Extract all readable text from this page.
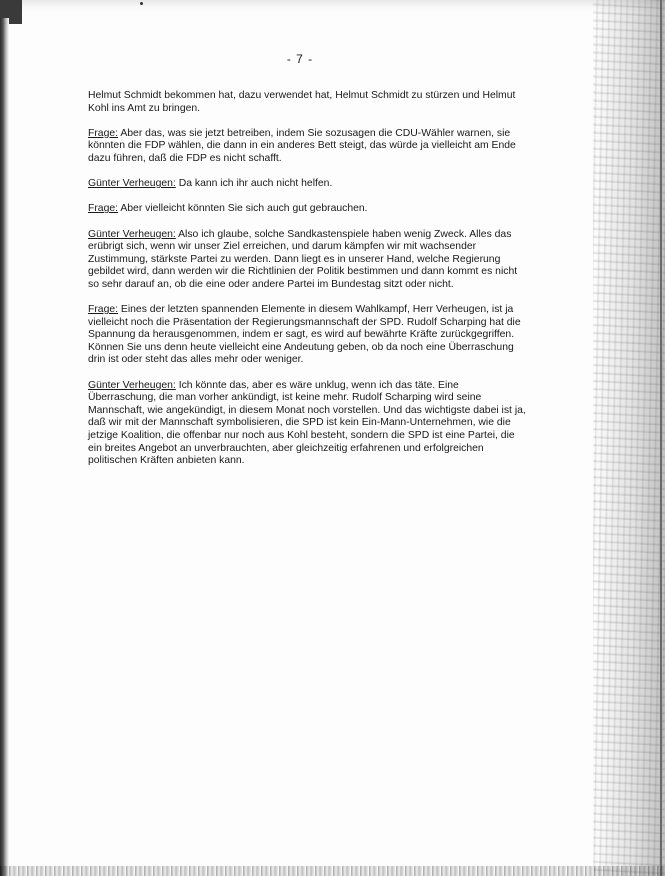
- 7 -

Helmut Schmidt bekommen hat, dazu verwendet hat, Helmut Schmidt zu stürzen und Helmut Kohl ins Amt zu bringen.

Frage: Aber das, was sie jetzt betreiben, indem Sie sozusagen die CDU-Wähler warnen, sie könnten die FDP wählen, die dann in ein anderes Bett steigt, das würde ja vielleicht am Ende dazu führen, daß die FDP es nicht schafft.

Günter Verheugen: Da kann ich ihr auch nicht helfen.

Frage: Aber vielleicht könnten Sie sich auch gut gebrauchen.

Günter Verheugen: Also ich glaube, solche Sandkastenspiele haben wenig Zweck. Alles das erübrigt sich, wenn wir unser Ziel erreichen, und darum kämpfen wir mit wachsender Zustimmung, stärkste Partei zu werden. Dann liegt es in unserer Hand, welche Regierung gebildet wird, dann werden wir die Richtlinien der Politik bestimmen und dann kommt es nicht so sehr darauf an, ob die eine oder andere Partei im Bundestag sitzt oder nicht.

Frage: Eines der letzten spannenden Elemente in diesem Wahlkampf, Herr Verheugen, ist ja vielleicht noch die Präsentation der Regierungsmannschaft der SPD. Rudolf Scharping hat die Spannung da herausgenommen, indem er sagt, es wird auf bewährte Kräfte zurückgegriffen. Können Sie uns denn heute vielleicht eine Andeutung geben, ob da noch eine Überraschung drin ist oder steht das alles mehr oder weniger.

Günter Verheugen: Ich könnte das, aber es wäre unklug, wenn ich das täte. Eine Überraschung, die man vorher ankündigt, ist keine mehr. Rudolf Scharping wird seine Mannschaft, wie angekündigt, in diesem Monat noch vorstellen. Und das wichtigste dabei ist ja, daß wir mit der Mannschaft symbolisieren, die SPD ist kein Ein-Mann-Unternehmen, wie die jetzige Koalition, die offenbar nur noch aus Kohl besteht, sondern die SPD ist eine Partei, die ein breites Angebot an unverbrauchten, aber gleichzeitig erfahrenen und erfolgreichen politischen Kräften anbieten kann.
